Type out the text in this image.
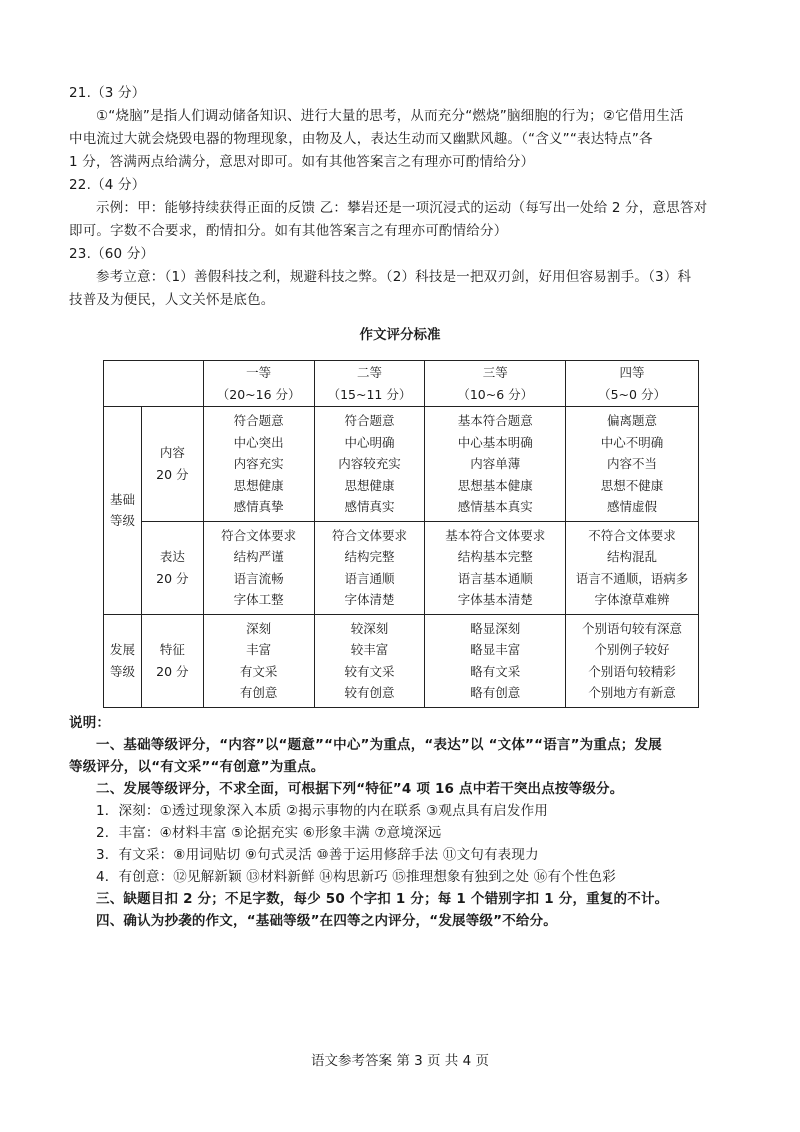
21.（3 分）
①“烧脑”是指人们调动储备知识、进行大量的思考，从而充分“燃烧”脑细胞的行为；②它借用生活
中电流过大就会烧毁电器的物理现象，由物及人，表达生动而又幽默风趣。（“含义”“表达特点”各
1 分，答满两点给满分，意思对即可。如有其他答案言之有理亦可酌情给分）
22.（4 分）
示例：甲：能够持续获得正面的反馈 乙：攀岩还是一项沉浸式的运动（每写出一处给 2 分，意思答对
即可。字数不合要求，酌情扣分。如有其他答案言之有理亦可酌情给分）
23.（60 分）
参考立意：（1）善假科技之利，规避科技之弊。（2）科技是一把双刃剑，好用但容易割手。（3）科
技普及为便民，人文关怀是底色。
作文评分标准

		一等
（20~16 分）	二等
（15~11 分）	三等
（10~6 分）	四等
（5~0 分）

基础
等级	内容
20 分	符合题意
中心突出
内容充实
思想健康
感情真挚	符合题意
中心明确
内容较充实
思想健康
感情真实	基本符合题意
中心基本明确
内容单薄
思想基本健康
感情基本真实	偏离题意
中心不明确
内容不当
思想不健康
感情虚假

	表达
20 分	符合文体要求
结构严谨
语言流畅
字体工整	符合文体要求
结构完整
语言通顺
字体清楚	基本符合文体要求
结构基本完整
语言基本通顺
字体基本清楚	不符合文体要求
结构混乱
语言不通顺，语病多
字体潦草难辨

发展
等级	特征
20 分	深刻
丰富
有文采
有创意	较深刻
较丰富
较有文采
较有创意	略显深刻
略显丰富
略有文采
略有创意	个别语句较有深意
个别例子较好
个别语句较精彩
个别地方有新意
说明：
一、基础等级评分，“内容”以“题意”“中心”为重点，“表达”以 “文体”“语言”为重点；发展
等级评分，以“有文采”“有创意”为重点。
二、发展等级评分，不求全面，可根据下列“特征”4 项 16 点中若干突出点按等级分。
1．深刻：①透过现象深入本质 ②揭示事物的内在联系 ③观点具有启发作用
2．丰富：④材料丰富 ⑤论据充实 ⑥形象丰满 ⑦意境深远
3．有文采：⑧用词贴切 ⑨句式灵活 ⑩善于运用修辞手法 ⑪文句有表现力
4．有创意：⑫见解新颖 ⑬材料新鲜 ⑭构思新巧 ⑮推理想象有独到之处 ⑯有个性色彩
三、缺题目扣 2 分；不足字数，每少 50 个字扣 1 分；每 1 个错别字扣 1 分，重复的不计。
四、确认为抄袭的作文，“基础等级”在四等之内评分，“发展等级”不给分。
语文参考答案 第 3 页 共 4 页
